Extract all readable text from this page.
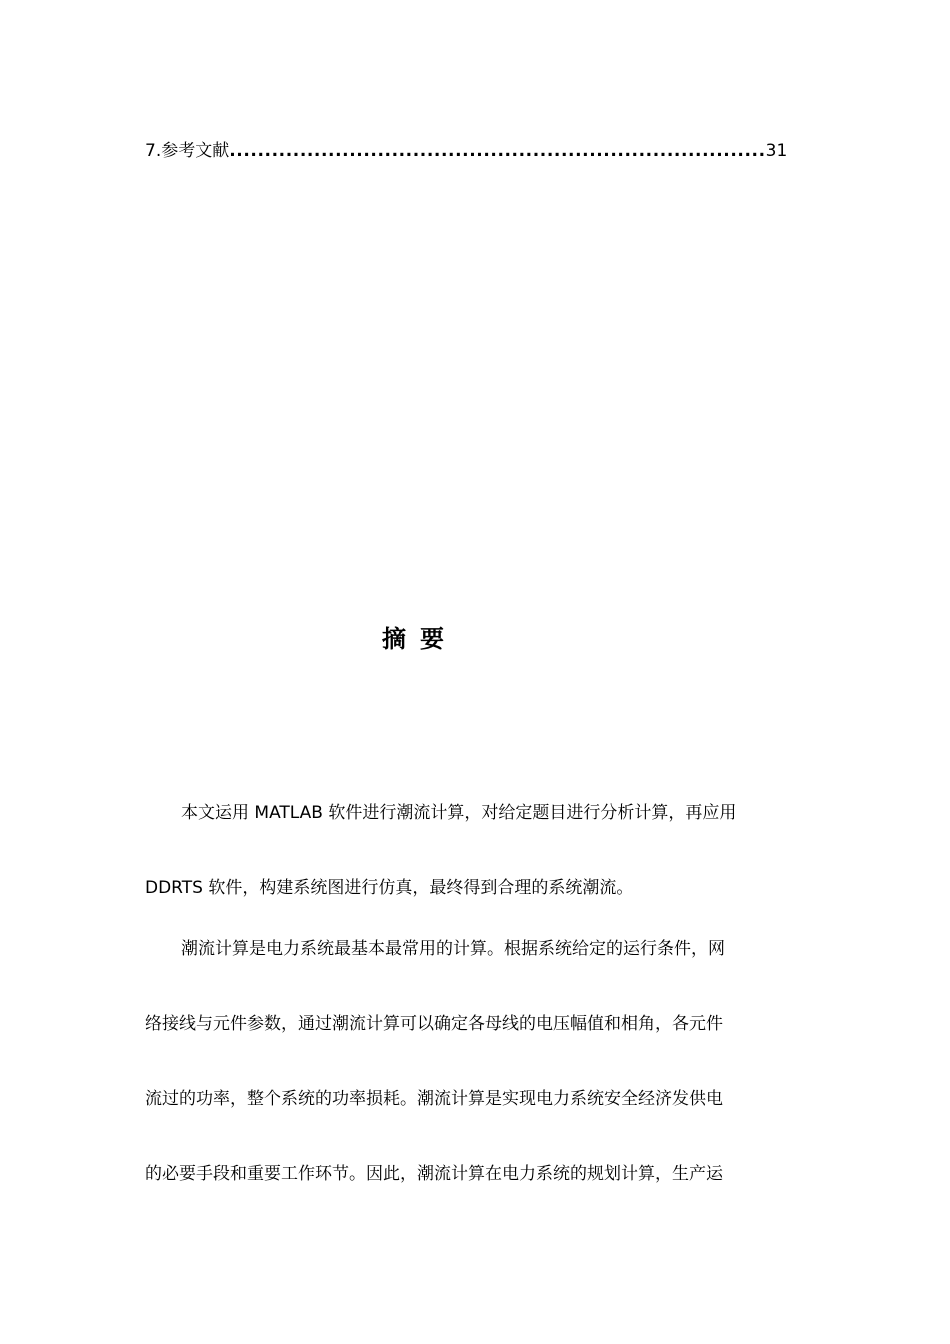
7.参考文献............................................................................31
摘要

本文运用 MATLAB 软件进行潮流计算，对给定题目进行分析计算，再应用
DDRTS 软件，构建系统图进行仿真，最终得到合理的系统潮流。

潮流计算是电力系统最基本最常用的计算。根据系统给定的运行条件，网
络接线与元件参数，通过潮流计算可以确定各母线的电压幅值和相角，各元件
流过的功率，整个系统的功率损耗。潮流计算是实现电力系统安全经济发供电
的必要手段和重要工作环节。因此，潮流计算在电力系统的规划计算，生产运
